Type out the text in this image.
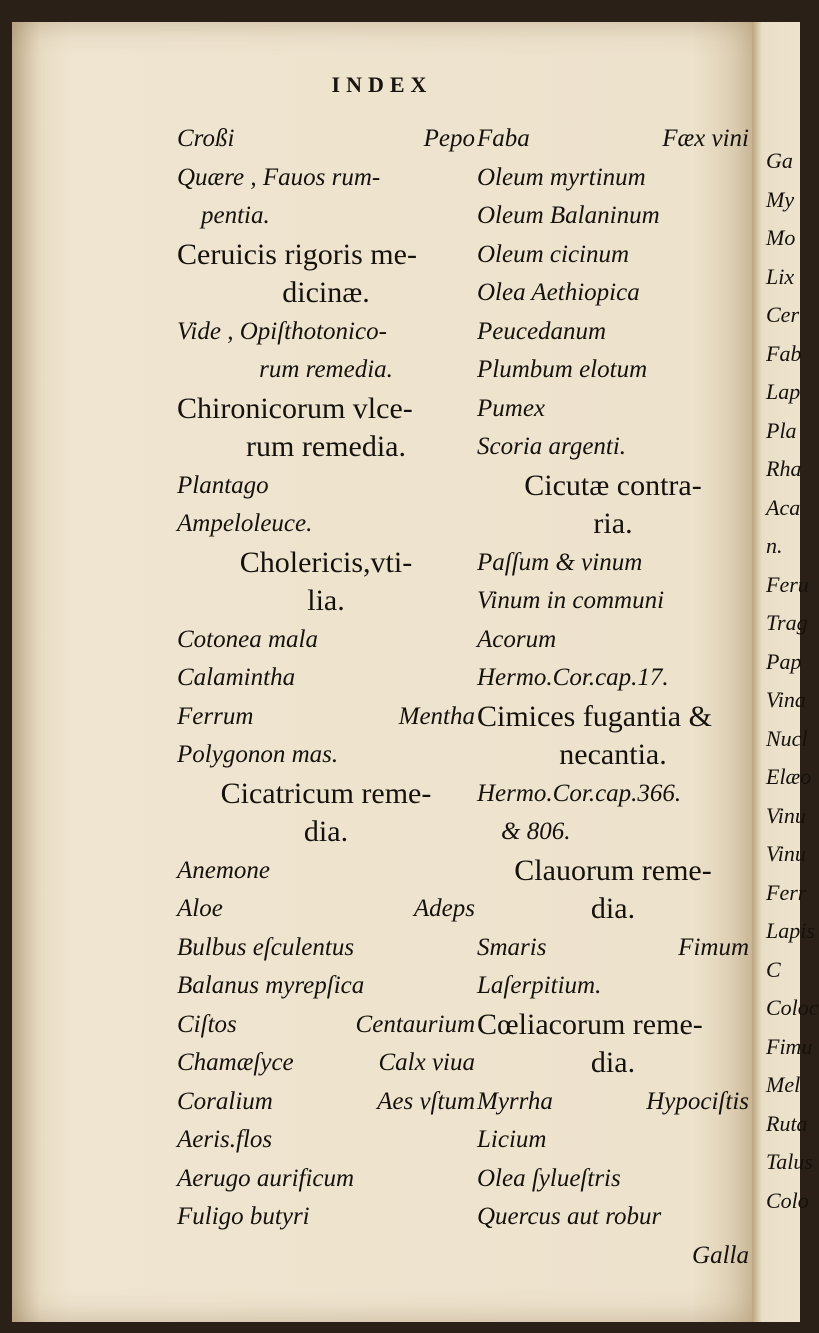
INDEX
Croßi	Pepo
Quære , Fauos rum-
pentia.
Ceruicis rigoris me-
dicinæ.
Vide , Opiſthotonico-
rum remedia.
Chironicorum vlce-
rum remedia.
Plantago
Ampeloleuce.
Cholericis,vti-
lia.
Cotonea mala
Calamintha
Ferrum	Mentha
Polygonon mas.
Cicatricum reme-
dia.
Anemone
Aloe	Adeps
Bulbus eſculentus
Balanus myrepſica
Ciſtos	Centaurium
Chamæſyce	Calx viua
Coralium	Aes vſtum
Aeris.flos
Aerugo aurificum
Fuligo butyri
Faba	Fæx vini
Oleum myrtinum
Oleum Balaninum
Oleum cicinum
Olea Aethiopica
Peucedanum
Plumbum elotum
Pumex
Scoria argenti.
Cicutæ contra-
ria.
Paſſum & vinum
Vinum in communi
Acorum
Hermo.Cor.cap.17.
Cimices fugantia &
necantia.
Hermo.Cor.cap.366.
& 806.
Clauorum reme-
dia.
Smaris	Fimum
Laſerpitium.
Cœliacorum reme-
dia.
Myrrha	Hypociſtis
Licium
Olea ſylueſtris
Quercus aut robur
Galla
Ga
My
Mo
Lix
Cer
Fab
Lap
Pla
Rha
Aca
n.
Feru
Trag
Pap
Vina
Nucl
Elæo
Vinu
Vinu
Ferr
Lapis
C
Coloc
Fimu
Mel
Ruta
Talus
Colo
